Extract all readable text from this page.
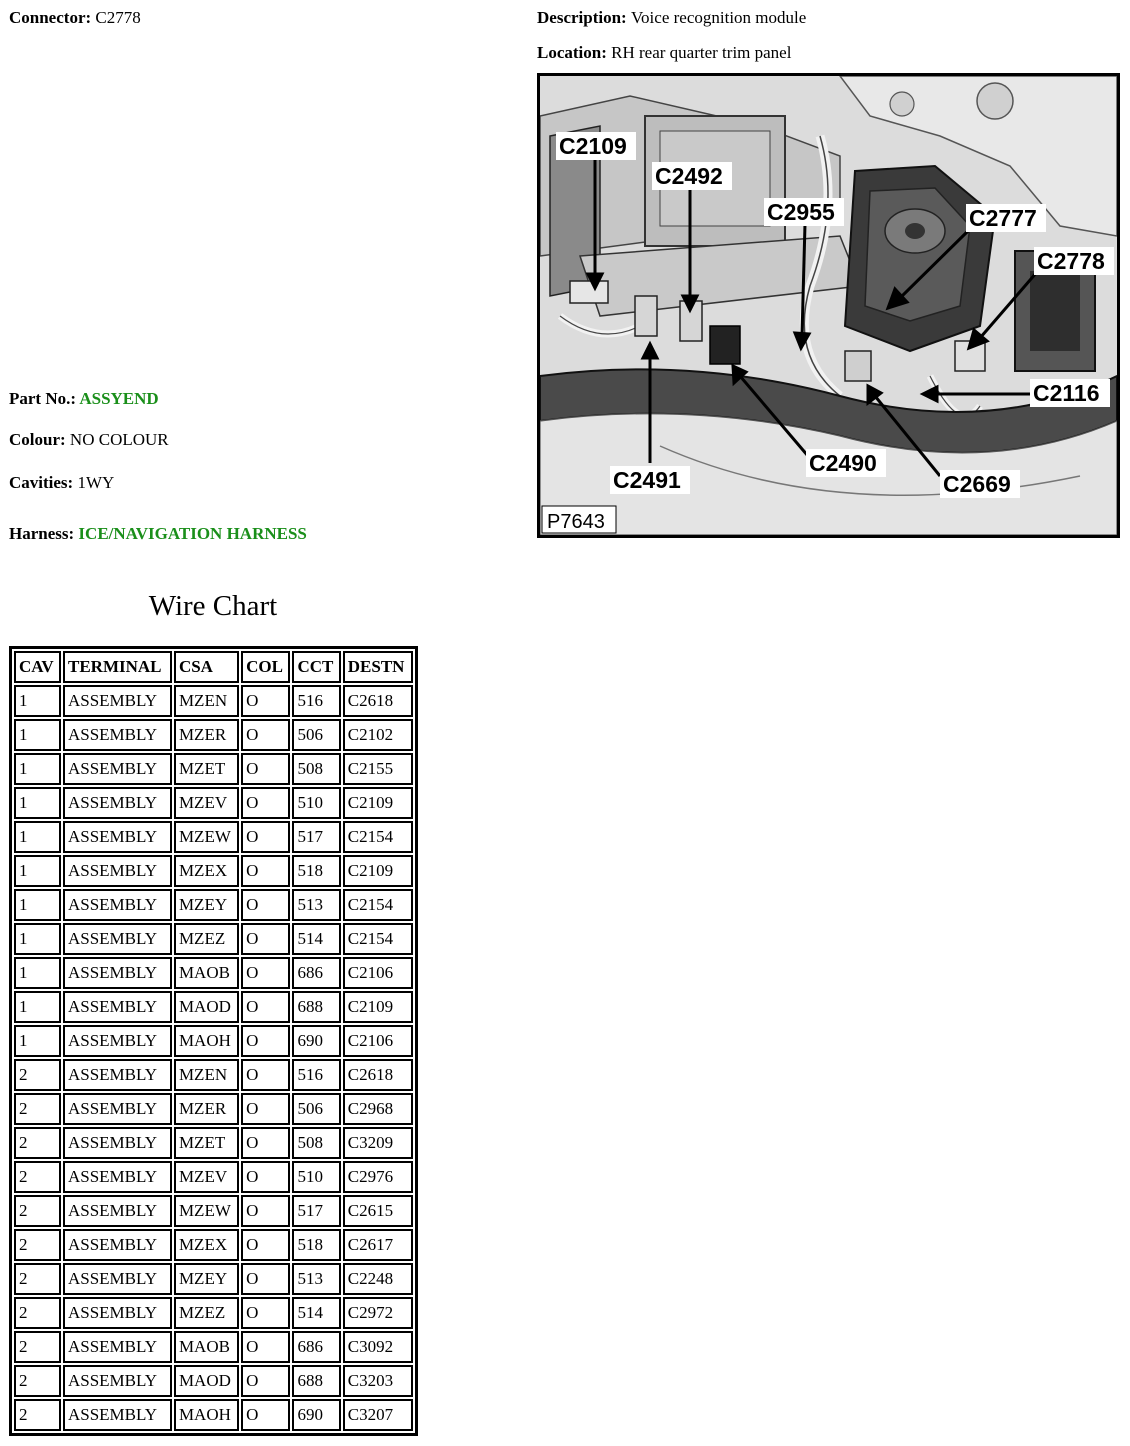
Connector: C2778
Part No.: ASSYEND
Colour: NO COLOUR
Cavities: 1WY
Harness: ICE/NAVIGATION HARNESS
Description: Voice recognition module
Location: RH rear quarter trim panel
C2109
C2492
C2955	C2777
C2778
C2116
C2491
C2490
C2669
P7643
Wire Chart
CAV	TERMINAL	CSA	COL	CCT	DESTN
1	ASSEMBLY	MZEN	O	516	C2618
1	ASSEMBLY	MZER	O	506	C2102
1	ASSEMBLY	MZET	O	508	C2155
1	ASSEMBLY	MZEV	O	510	C2109
1	ASSEMBLY	MZEW	O	517	C2154
1	ASSEMBLY	MZEX	O	518	C2109
1	ASSEMBLY	MZEY	O	513	C2154
1	ASSEMBLY	MZEZ	O	514	C2154
1	ASSEMBLY	MAOB	O	686	C2106
1	ASSEMBLY	MAOD	O	688	C2109
1	ASSEMBLY	MAOH	O	690	C2106
2	ASSEMBLY	MZEN	O	516	C2618
2	ASSEMBLY	MZER	O	506	C2968
2	ASSEMBLY	MZET	O	508	C3209
2	ASSEMBLY	MZEV	O	510	C2976
2	ASSEMBLY	MZEW	O	517	C2615
2	ASSEMBLY	MZEX	O	518	C2617
2	ASSEMBLY	MZEY	O	513	C2248
2	ASSEMBLY	MZEZ	O	514	C2972
2	ASSEMBLY	MAOB	O	686	C3092
2	ASSEMBLY	MAOD	O	688	C3203
2	ASSEMBLY	MAOH	O	690	C3207
